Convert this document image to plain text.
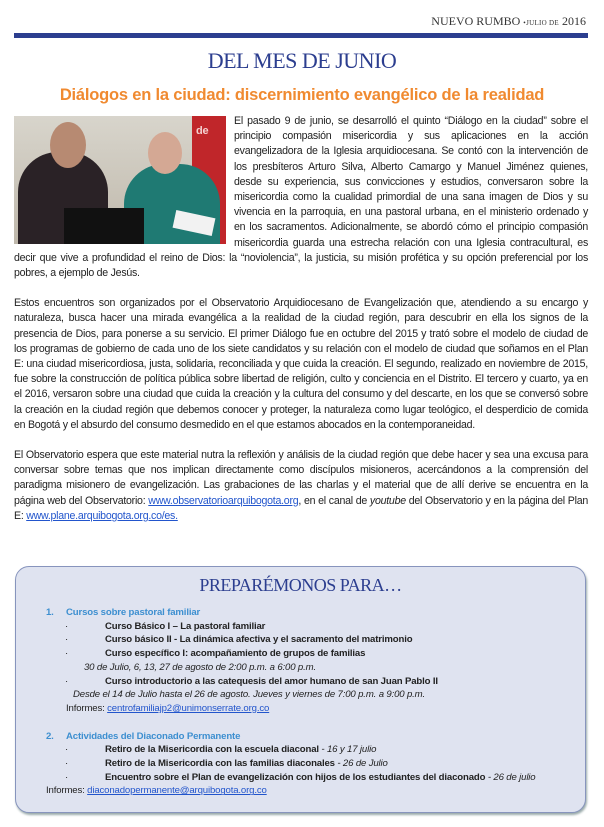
NUEVO RUMBO •JULIO DE 2016
DEL MES DE JUNIO
Diálogos en la ciudad: discernimiento evangélico de la realidad
de

El pasado 9 de junio, se desarrolló el quinto “Diálogo en la ciudad” sobre el principio compasión misericordia y sus aplicaciones en la acción evangelizadora de la Iglesia arquidiocesana. Se contó con la intervención de los presbíteros Arturo Silva, Alberto Camargo y Manuel Jiménez quienes, desde su experiencia, sus convicciones y estudios, conversaron sobre la misericordia como la cualidad primordial de una sana imagen de Dios y su vivencia en la parroquia, en una pastoral urbana, en el ministerio ordenado y en los sacramentos. Adicionalmente, se abordó cómo el principio compasión misericordia guarda una estrecha relación con una Iglesia contracultural, es decir que vive a profundidad el reino de Dios: la “noviolencia”, la justicia, su misión profética y su opción preferencial por los pobres, a ejemplo de Jesús.

Estos encuentros son organizados por el Observatorio Arquidiocesano de Evangelización que, atendiendo a su encargo y naturaleza, busca hacer una mirada evangélica a la realidad de la ciudad región, para descubrir en ella los signos de la presencia de Dios, para ponerse a su servicio. El primer Diálogo fue en octubre del 2015 y trató sobre el modelo de ciudad de los programas de gobierno de cada uno de los siete candidatos y su relación con el modelo de ciudad que soñamos en el Plan E: una ciudad misericordiosa, justa, solidaria, reconciliada y que cuida la creación. El segundo, realizado en noviembre de 2015, fue sobre la construcción de política pública sobre libertad de religión, culto y conciencia en el Distrito. El tercero y cuarto, ya en el 2016, versaron sobre una ciudad que cuida la creación y la cultura del consumo y del descarte, en los que se conversó sobre la creación en la ciudad región que debemos conocer y proteger, la naturaleza como lugar teológico, el desperdicio de comida en Bogotá y el absurdo del consumo desmedido en el que estamos abocados en la contemporaneidad.

El Observatorio espera que este material nutra la reflexión y análisis de la ciudad región que debe hacer y sea una excusa para conversar sobre temas que nos implican directamente como discípulos misioneros, acercándonos a la comprensión del paradigma misionero de evangelización. Las grabaciones de las charlas y el material que de allí derive se encuentra en la página web del Observatorio: www.observatorioarquibogota.org, en el canal de youtube del Observatorio y en la página del Plan E: www.plane.arquibogota.org.co/es.

PREPARÉMONOS PARA…
1. Cursos sobre pastoral familiar
·	Curso Básico I – La pastoral familiar
·	Curso básico II - La dinámica afectiva y el sacramento del matrimonio
·	Curso específico I: acompañamiento de grupos de familias
30 de Julio, 6, 13, 27 de agosto de 2:00 p.m. a 6:00 p.m.
·	Curso introductorio a las catequesis del amor humano de san Juan Pablo II
Desde el 14 de Julio hasta el 26 de agosto. Jueves y viernes de 7:00 p.m. a 9:00 p.m.
Informes: centrofamiliajp2@unimonserrate.org.co
2. Actividades del Diaconado Permanente
·	Retiro de la Misericordia con la escuela diaconal - 16 y 17 julio
·	Retiro de la Misericordia con las familias diaconales - 26 de Julio
·	Encuentro sobre el Plan de evangelización con hijos de los estudiantes del diaconado - 26 de julio
Informes: diaconadopermanente@arquibogota.org.co
